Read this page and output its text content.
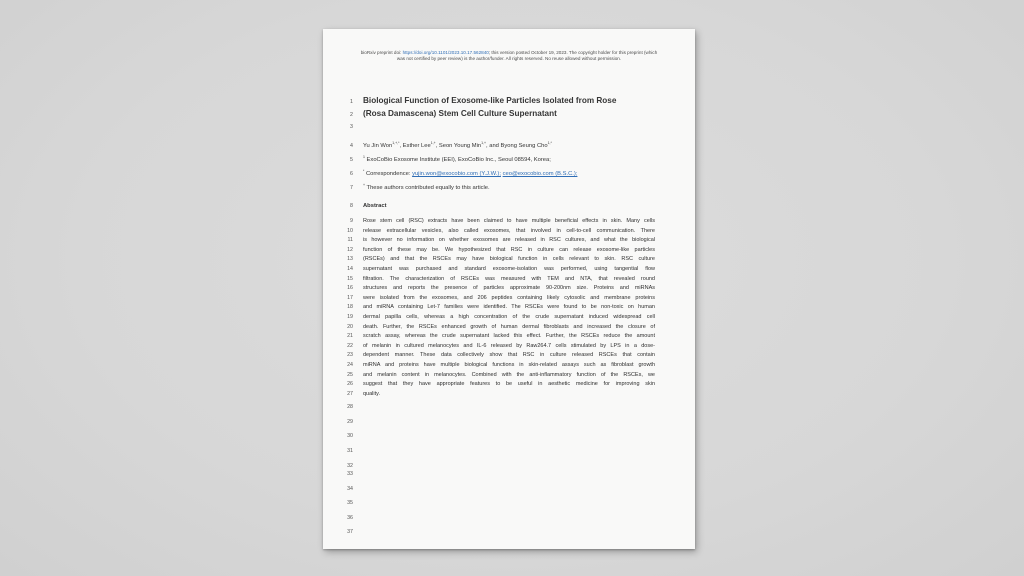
bioRxiv preprint doi: https://doi.org/10.1101/2023.10.17.562840; this version posted October 19, 2023. The copyright holder for this preprint (which was not certified by peer review) is the author/funder. All rights reserved. No reuse allowed without permission.
1 Biological Function of Exosome-like Particles Isolated from Rose
2 (Rosa Damascena) Stem Cell Culture Supernatant
3
4 Yu Jin Won$^{1,+,*}$, Esther Lee$^{1,+}$, Seon Young Min$^{1,+}$, and Byong Seung Cho$^{1,*}$
5	$^1$ ExoCoBio Exosome Institute (EEI), ExoCoBio Inc., Seoul 08594, Korea;
6	* Correspondence: yujin.won@exocobio.com (Y.J.W.); ceo@exocobio.com (B.S.C.);
7	+ These authors contributed equally to this article.
8 Abstract
9 Rose stem cell (RSC) extracts have been claimed to have multiple beneficial effects in skin. Many cells
10 release extracellular vesicles, also called exosomes, that involved in cell-to-cell communication. There
11 is however no information on whether exosomes are released in RSC cultures, and what the biological
12 function of these may be. We hypothesized that RSC in culture can release exosome-like particles
13 (RSCEs) and that the RSCEs may have biological function in cells relevant to skin. RSC culture
14 supernatant was purchased and standard exosome-isolation was performed, using tangential flow
15 filtration. The characterization of RSCEs was measured with TEM and NTA, that revealed round
16 structures and reports the presence of particles approximate 90-200nm size. Proteins and miRNAs
17 were isolated from the exosomes, and 206 peptides containing likely cytosolic and membrane proteins
18 and miRNA containing Let-7 families were identified. The RSCEs were found to be non-toxic on human
19 dermal papilla cells, whereas a high concentration of the crude supernatant induced widespread cell
20 death. Further, the RSCEs enhanced growth of human dermal fibroblasts and increased the closure of
21 scratch assay, whereas the crude supernatant lacked this effect. Further, the RSCEs reduce the amount
22 of melanin in cultured melanocytes and IL-6 released by Raw264.7 cells stimulated by LPS in a dose-
23 dependent manner. These data collectively show that RSC in culture released RSCEs that contain
24 miRNA and proteins have multiple biological functions in skin-related assays such as fibroblast growth
25 and melanin content in melanocytes. Combined with the anti-inflammatory function of the RSCEs, we
26 suggest that they have appropriate features to be useful in aesthetic medicine for improving skin
27 quality.
28
29
30
31
32
33
34
35
36
37
